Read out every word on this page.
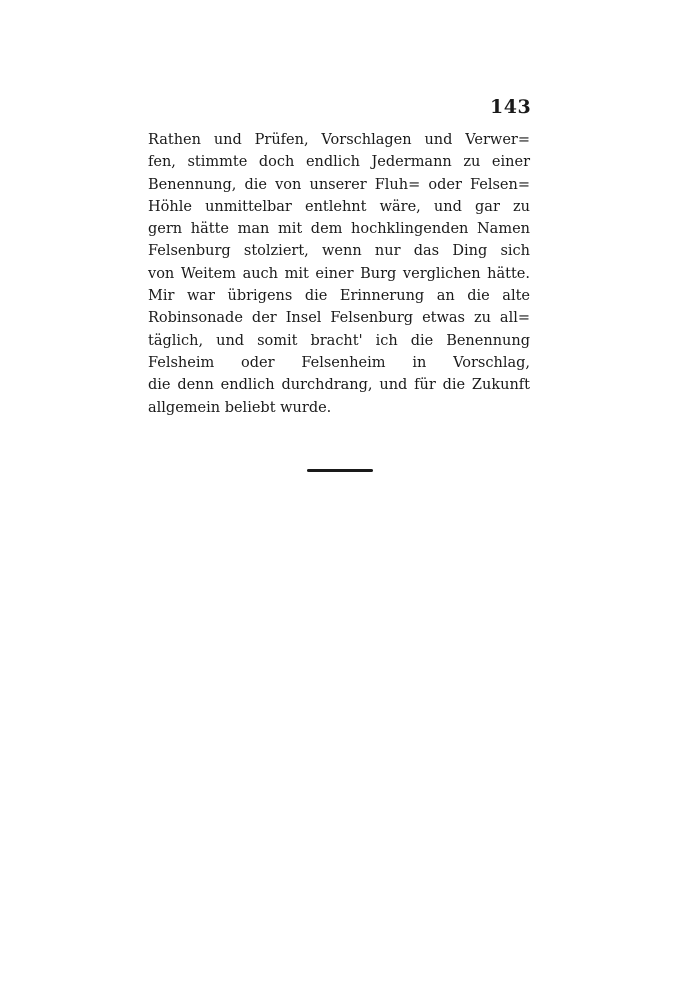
143
Rathen und Prüfen, Vorschlagen und Verwer=
fen, stimmte doch endlich Jedermann zu einer
Benennung, die von unserer Fluh= oder Felsen=
Höhle unmittelbar entlehnt wäre, und gar zu
gern hätte man mit dem hochklingenden Namen
Felsenburg stolziert, wenn nur das Ding sich
von Weitem auch mit einer Burg verglichen hätte.
Mir war übrigens die Erinnerung an die alte
Robinsonade der Insel Felsenburg etwas zu all=
täglich, und somit bracht' ich die Benennung
Felsheim oder Felsenheim in Vorschlag,
die denn endlich durchdrang, und für die Zukunft
allgemein beliebt wurde.
